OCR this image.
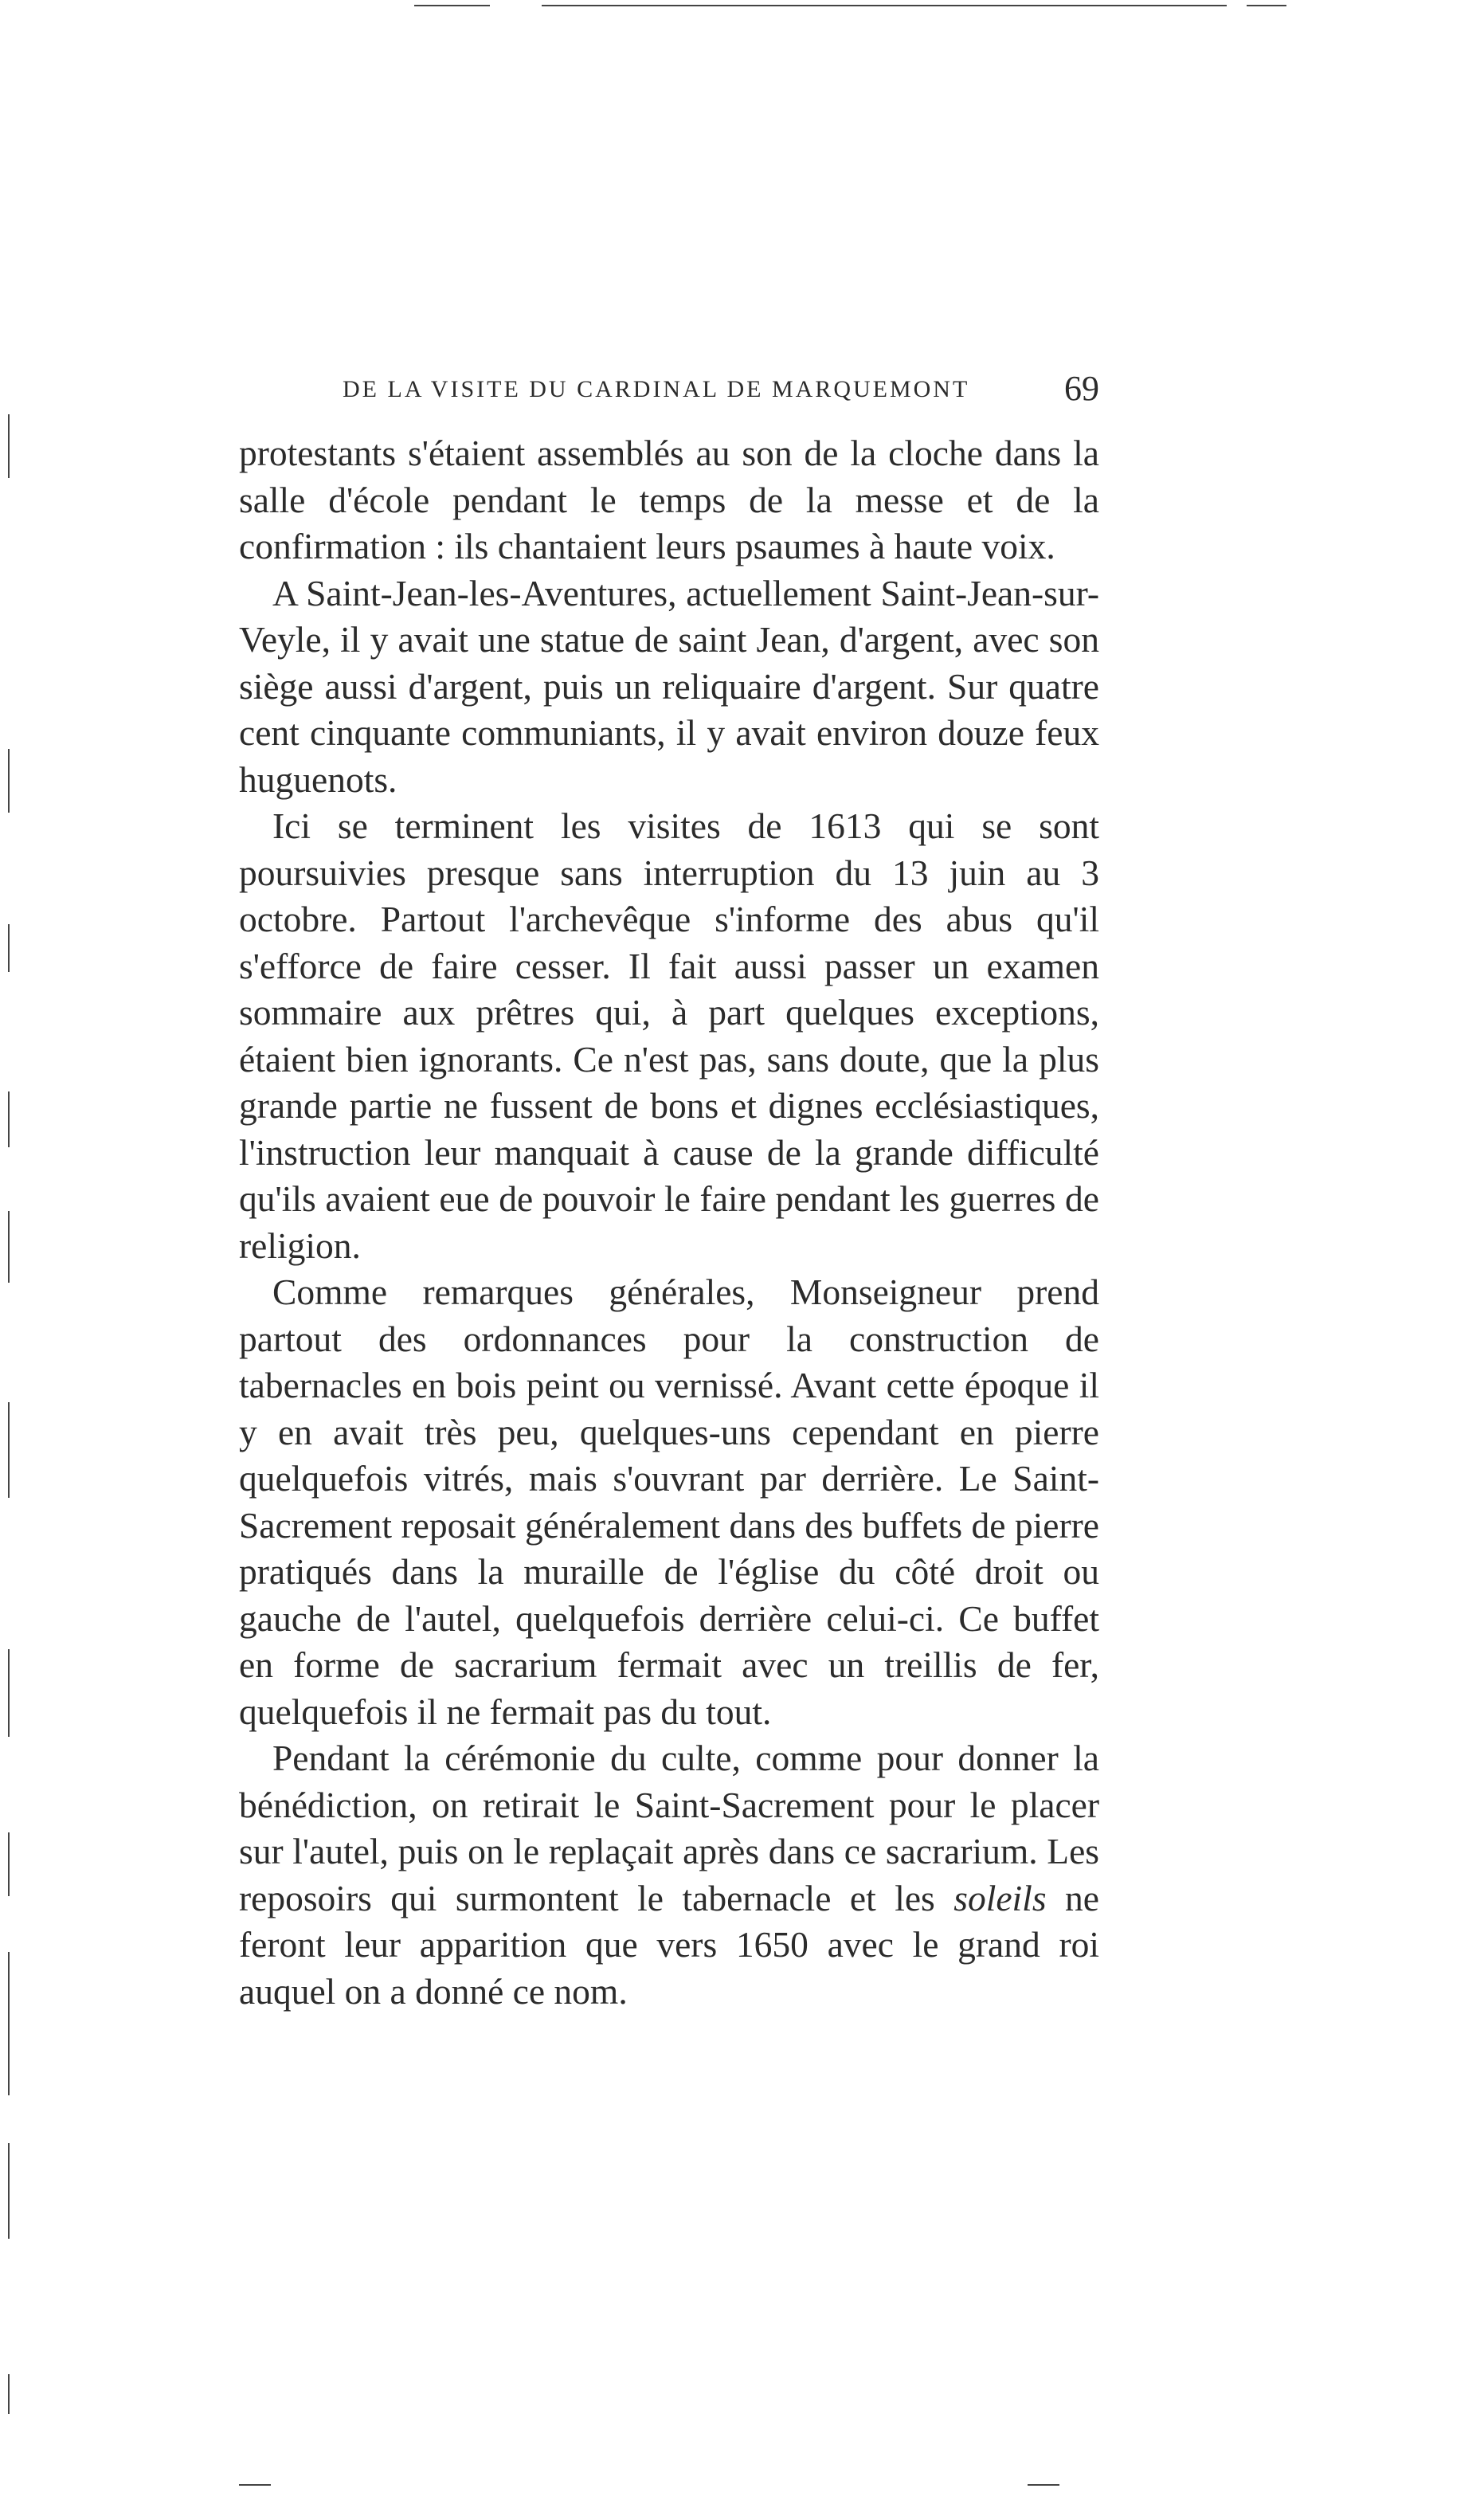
DE LA VISITE DU CARDINAL DE MARQUEMONT	69

protestants s'étaient assemblés au son de la cloche dans la salle d'école pendant le temps de la messe et de la confirmation : ils chantaient leurs psaumes à haute voix.

A Saint-Jean-les-Aventures, actuellement Saint-Jean-sur-Veyle, il y avait une statue de saint Jean, d'argent, avec son siège aussi d'argent, puis un reliquaire d'argent. Sur quatre cent cinquante communiants, il y avait environ douze feux huguenots.

Ici se terminent les visites de 1613 qui se sont poursuivies presque sans interruption du 13 juin au 3 octobre. Partout l'archevêque s'informe des abus qu'il s'efforce de faire cesser. Il fait aussi passer un examen sommaire aux prêtres qui, à part quelques exceptions, étaient bien ignorants. Ce n'est pas, sans doute, que la plus grande partie ne fussent de bons et dignes ecclésiastiques, l'instruction leur manquait à cause de la grande difficulté qu'ils avaient eue de pouvoir le faire pendant les guerres de religion.

Comme remarques générales, Monseigneur prend partout des ordonnances pour la construction de tabernacles en bois peint ou vernissé. Avant cette époque il y en avait très peu, quelques-uns cependant en pierre quelquefois vitrés, mais s'ouvrant par derrière. Le Saint-Sacrement reposait généralement dans des buffets de pierre pratiqués dans la muraille de l'église du côté droit ou gauche de l'autel, quelquefois derrière celui-ci. Ce buffet en forme de sacrarium fermait avec un treillis de fer, quelquefois il ne fermait pas du tout.

Pendant la cérémonie du culte, comme pour donner la bénédiction, on retirait le Saint-Sacrement pour le placer sur l'autel, puis on le replaçait après dans ce sacrarium. Les reposoirs qui surmontent le tabernacle et les soleils ne feront leur apparition que vers 1650 avec le grand roi auquel on a donné ce nom.
